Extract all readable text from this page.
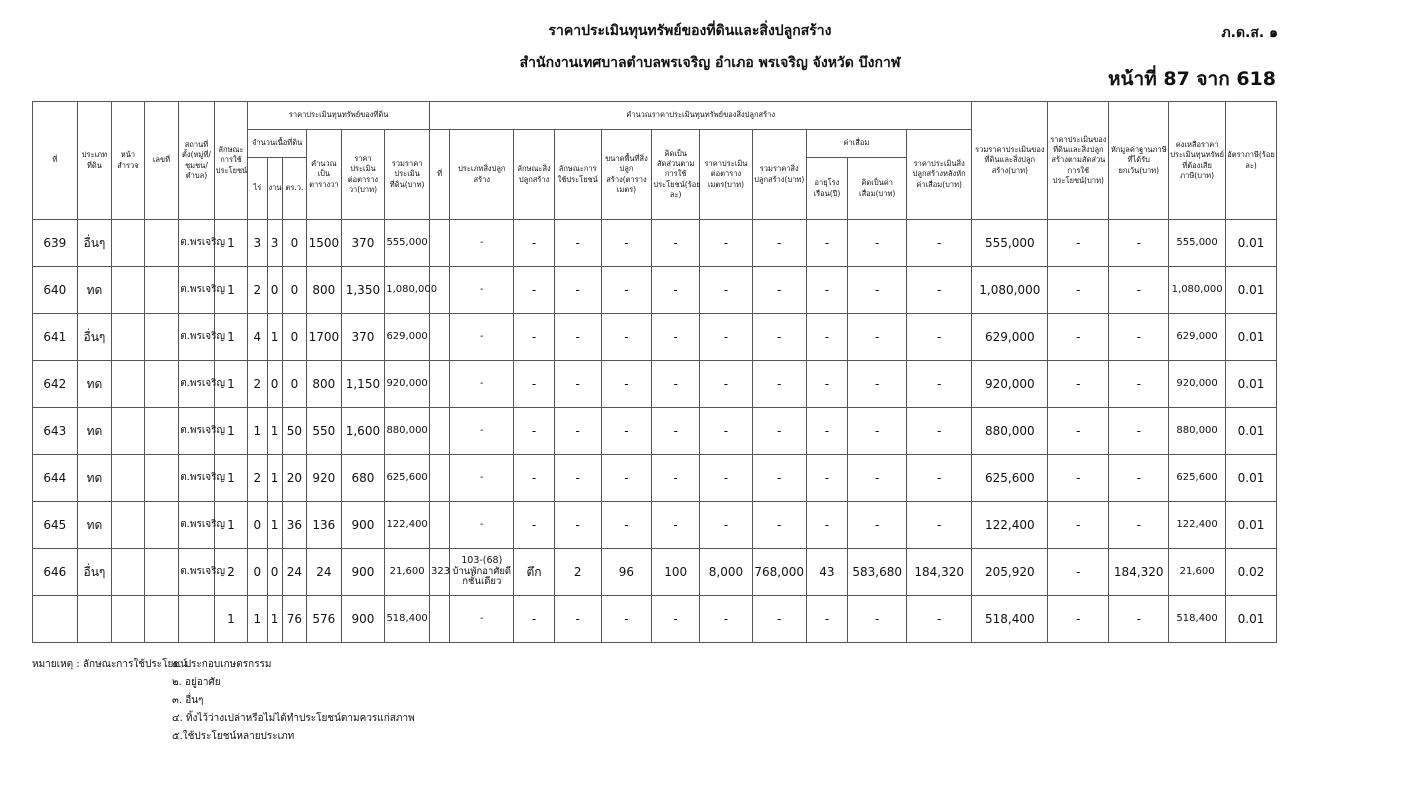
ราคาประเมินทุนทรัพย์ของที่ดินและสิ่งปลูกสร้าง
สำนักงานเทศบาลตำบลพรเจริญ อำเภอ พรเจริญ จังหวัด บึงกาฬ
ภ.ด.ส. ๑
หน้าที่ 87 จาก 618
ที่	ประเภทที่ดิน	หน้าสำรวจ	เลขที่	สถานที่ตั้ง(หมู่ที่/ชุมชน/ตำบล)	ลักษณะการใช้ประโยชน์	ราคาประเมินทุนทรัพย์ของที่ดิน						คำนวณราคาประเมินทุนทรัพย์ของสิ่งปลูกสร้าง											รวมราคาประเมินของที่ดินและสิ่งปลูกสร้าง(บาท)	ราคาประเมินของที่ดินและสิ่งปลูกสร้างตามสัดส่วนการใช้ประโยชน์(บาท)	หักมูลค่าฐานภาษีที่ได้รับยกเว้น(บาท)	คงเหลือราคาประเมินทุนทรัพย์ที่ต้องเสียภาษี(บาท)	อัตราภาษี(ร้อยละ)
						จำนวนเนื้อที่ดิน			คำนวณเป็นตารางวา	ราคาประเมินต่อตารางวา(บาท)	รวมราคาประเมินที่ดิน(บาท)	ที่	ประเภทสิ่งปลูกสร้าง	ลักษณะสิ่งปลูกสร้าง	ลักษณะการใช้ประโยชน์	ขนาดพื้นที่สิ่งปลูกสร้าง(ตารางเมตร)	คิดเป็นสัดส่วนตามการใช้ประโยชน์(ร้อยละ)	ราคาประเมินต่อตารางเมตร(บาท)	รวมราคาสิ่งปลูกสร้าง(บาท)	ค่าเสื่อม		ราคาประเมินสิ่งปลูกสร้างหลังหักค่าเสื่อม(บาท)					
						ไร่	งาน	ตร.ว.												อายุโรงเรือน(ปี)	คิดเป็นค่าเสื่อม(บาท)						
639	อื่นๆ			ต.พรเจริญ	1	3	3	0	1500	370	555,000		-	-	-	-	-	-	-	-	-	-	555,000	-	-	555,000	0.01
640	ทด			ต.พรเจริญ	1	2	0	0	800	1,350	1,080,000		-	-	-	-	-	-	-	-	-	-	1,080,000	-	-	1,080,000	0.01
641	อื่นๆ			ต.พรเจริญ	1	4	1	0	1700	370	629,000		-	-	-	-	-	-	-	-	-	-	629,000	-	-	629,000	0.01
642	ทด			ต.พรเจริญ	1	2	0	0	800	1,150	920,000		-	-	-	-	-	-	-	-	-	-	920,000	-	-	920,000	0.01
643	ทด			ต.พรเจริญ	1	1	1	50	550	1,600	880,000		-	-	-	-	-	-	-	-	-	-	880,000	-	-	880,000	0.01
644	ทด			ต.พรเจริญ	1	2	1	20	920	680	625,600		-	-	-	-	-	-	-	-	-	-	625,600	-	-	625,600	0.01
645	ทด			ต.พรเจริญ	1	0	1	36	136	900	122,400		-	-	-	-	-	-	-	-	-	-	122,400	-	-	122,400	0.01
646	อื่นๆ			ต.พรเจริญ	2	0	0	24	24	900	21,600	323	103-(68) บ้านพักอาศัยดีกชั้นเดียว	ตึก	2	96	100	8,000	768,000	43	583,680	184,320	205,920	-	184,320	21,600	0.02
					1	1	1	76	576	900	518,400		-	-	-	-	-	-	-	-	-	-	518,400	-	-	518,400	0.01
หมายเหตุ : ลักษณะการใช้ประโยชน์๑. ประกอบเกษตรกรรม
๒. อยู่อาศัย
๓. อื่นๆ
๔. ทิ้งไว้ว่างเปล่าหรือไม่ได้ทำประโยชน์ตามควรแก่สภาพ
๕.ใช้ประโยชน์หลายประเภท
